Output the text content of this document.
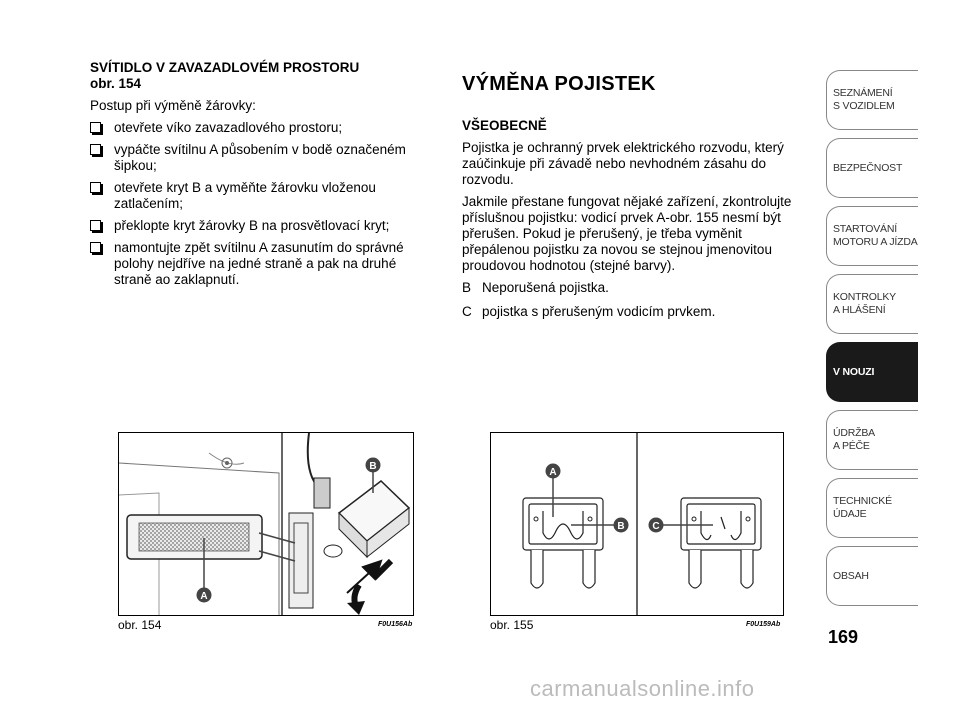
SVÍTIDLO V ZAVAZADLOVÉM PROSTORU
obr. 154

Postup při výměně žárovky:

otevřete víko zavazadlového prostoru;
vypáčte svítilnu A působením v bodě označeném šipkou;
otevřete kryt B a vyměňte žárovku vloženou zatlačením;
překlopte kryt žárovky B na prosvětlovací kryt;
namontujte zpět svítilnu A zasunutím do správné polohy nejdříve na jedné straně a pak na druhé straně ao zaklapnutí.
VÝMĚNA POJISTEK
VŠEOBECNĚ

Pojistka je ochranný prvek elektrického rozvodu, který zaúčinkuje při závadě nebo nevhodném zásahu do rozvodu.

Jakmile přestane fungovat nějaké zařízení, zkontrolujte příslušnou pojistku: vodicí prvek A-obr. 155 nesmí být přerušen. Pokud je přerušený, je třeba vyměnit přepálenou pojistku za novou se stejnou jmenovitou proudovou hodnotou (stejné barvy).

B Neporušená pojistka.
C pojistka s přerušeným vodicím prvkem.
A
B
obr. 154	F0U156Ab
A
B	C
obr. 155	F0U159Ab
SEZNÁMENÍ
S VOZIDLEM
BEZPEČNOST
STARTOVÁNÍ
MOTORU A JÍZDA
KONTROLKY
A HLÁŠENÍ
V NOUZI
ÚDRŽBA
A PÉČE
TECHNICKÉ
ÚDAJE
OBSAH
169
carmanualsonline.info
